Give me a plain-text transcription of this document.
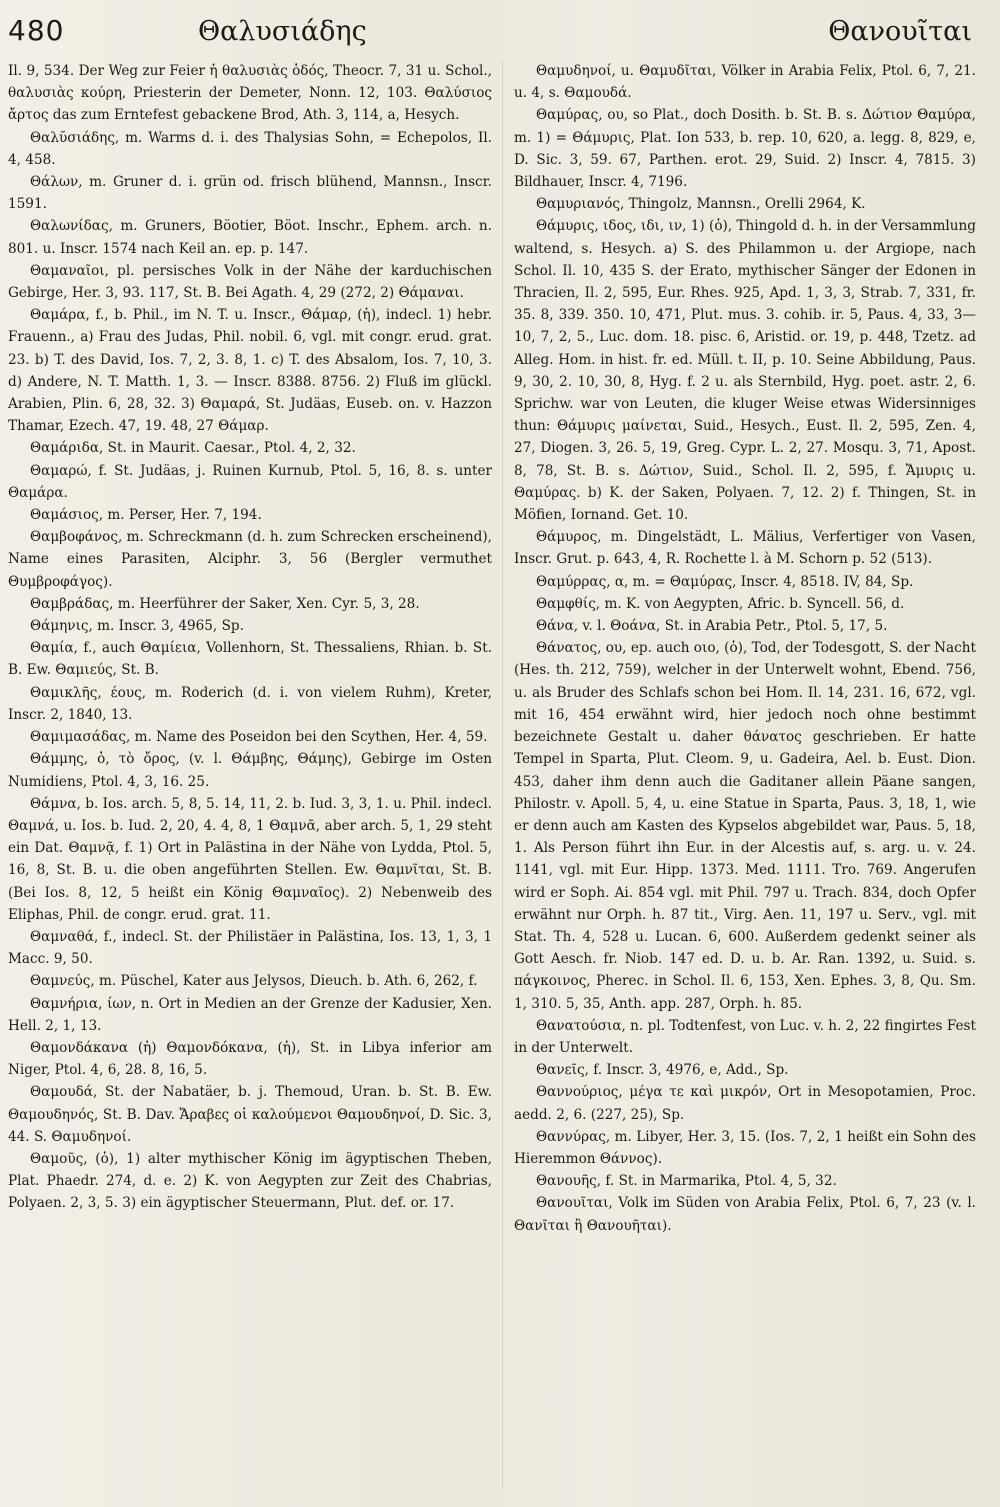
480	Θαλυσιάδης	Θανουῖται

Il. 9, 534. Der Weg zur Feier ἡ θαλυσιὰς ὁδός, Theocr. 7, 31 u. Schol., θαλυσιὰς κούρη, Priesterin der Demeter, Nonn. 12, 103. Θαλύσιος ἄρτος das zum Erntefest gebackene Brod, Ath. 3, 114, a, Hesych.

Θαλῠσιάδης, m. Warms d. i. des Thalysias Sohn, = Echepolos, Il. 4, 458.

Θάλων, m. Gruner d. i. grün od. frisch blühend, Mannsn., Inscr. 1591.

Θαλωνίδας, m. Gruners, Böotier, Böot. Inschr., Ephem. arch. n. 801. u. Inscr. 1574 nach Keil an. ep. p. 147.

Θαμαναῖοι, pl. persisches Volk in der Nähe der karduchischen Gebirge, Her. 3, 93. 117, St. B. Bei Agath. 4, 29 (272, 2) Θάμαναι.

Θαμάρα, f., b. Phil., im N. T. u. Inscr., Θάμαρ, (ἡ), indecl. 1) hebr. Frauenn., a) Frau des Judas, Phil. nobil. 6, vgl. mit congr. erud. grat. 23. b) T. des David, Ios. 7, 2, 3. 8, 1. c) T. des Absalom, Ios. 7, 10, 3. d) Andere, N. T. Matth. 1, 3. — Inscr. 8388. 8756. 2) Fluß im glückl. Arabien, Plin. 6, 28, 32. 3) Θαμαρά, St. Judäas, Euseb. on. v. Hazzon Thamar, Ezech. 47, 19. 48, 27 Θάμαρ.

Θαμάριδα, St. in Maurit. Caesar., Ptol. 4, 2, 32.

Θαμαρώ, f. St. Judäas, j. Ruinen Kurnub, Ptol. 5, 16, 8. s. unter Θαμάρα.

Θαμάσιος, m. Perser, Her. 7, 194.

Θαμβοφάνος, m. Schreckmann (d. h. zum Schrecken erscheinend), Name eines Parasiten, Alciphr. 3, 56 (Bergler vermuthet Θυμβροφάγος).

Θαμβράδας, m. Heerführer der Saker, Xen. Cyr. 5, 3, 28.

Θάμηνις, m. Inscr. 3, 4965, Sp.

Θαμία, f., auch Θαμίεια, Vollenhorn, St. Thessaliens, Rhian. b. St. B. Ew. Θαμιεύς, St. B.

Θαμικλῆς, έους, m. Roderich (d. i. von vielem Ruhm), Kreter, Inscr. 2, 1840, 13.

Θαμιμασάδας, m. Name des Poseidon bei den Scythen, Her. 4, 59.

Θάμμης, ὁ, τὸ ὄρος, (v. l. Θάμβης, Θάμης), Gebirge im Osten Numidiens, Ptol. 4, 3, 16. 25.

Θάμνα, b. Ios. arch. 5, 8, 5. 14, 11, 2. b. Iud. 3, 3, 1. u. Phil. indecl. Θαμνά, u. Ios. b. Iud. 2, 20, 4. 4, 8, 1 Θαμνᾶ, aber arch. 5, 1, 29 steht ein Dat. Θαμνᾷ, f. 1) Ort in Palästina in der Nähe von Lydda, Ptol. 5, 16, 8, St. B. u. die oben angeführten Stellen. Ew. Θαμνῖται, St. B. (Bei Ios. 8, 12, 5 heißt ein König Θαμναῖος). 2) Nebenweib des Eliphas, Phil. de congr. erud. grat. 11.

Θαμναθά, f., indecl. St. der Philistäer in Palästina, Ios. 13, 1, 3, 1 Macc. 9, 50.

Θαμνεύς, m. Püschel, Kater aus Jelysos, Dieuch. b. Ath. 6, 262, f.

Θαμνήρια, ίων, n. Ort in Medien an der Grenze der Kadusier, Xen. Hell. 2, 1, 13.

Θαμονδάκανα (ἡ) Θαμονδόκανα, (ἡ), St. in Libya inferior am Niger, Ptol. 4, 6, 28. 8, 16, 5.

Θαμουδά, St. der Nabatäer, b. j. Themoud, Uran. b. St. B. Ew. Θαμουδηνός, St. B. Dav. Ἄραβες οἱ καλούμενοι Θαμουδηνοί, D. Sic. 3, 44. S. Θαμυδηνοί.

Θαμοῦς, (ὁ), 1) alter mythischer König im ägyptischen Theben, Plat. Phaedr. 274, d. e. 2) K. von Aegypten zur Zeit des Chabrias, Polyaen. 2, 3, 5. 3) ein ägyptischer Steuermann, Plut. def. or. 17.

Θαμυδηνοί, u. Θαμυδῖται, Völker in Arabia Felix, Ptol. 6, 7, 21. u. 4, s. Θαμουδά.

Θαμύρας, ου, so Plat., doch Dosith. b. St. B. s. Δώτιον Θαμύρα, m. 1) = Θάμυρις, Plat. Ion 533, b. rep. 10, 620, a. legg. 8, 829, e, D. Sic. 3, 59. 67, Parthen. erot. 29, Suid. 2) Inscr. 4, 7815. 3) Bildhauer, Inscr. 4, 7196.

Θαμυριανός, Thingolz, Mannsn., Orelli 2964, K.

Θάμυρις, ιδος, ιδι, ιν, 1) (ὁ), Thingold d. h. in der Versammlung waltend, s. Hesych. a) S. des Philammon u. der Argiope, nach Schol. Il. 10, 435 S. der Erato, mythischer Sänger der Edonen in Thracien, Il. 2, 595, Eur. Rhes. 925, Apd. 1, 3, 3, Strab. 7, 331, fr. 35. 8, 339. 350. 10, 471, Plut. mus. 3. cohib. ir. 5, Paus. 4, 33, 3—10, 7, 2, 5., Luc. dom. 18. pisc. 6, Aristid. or. 19, p. 448, Tzetz. ad Alleg. Hom. in hist. fr. ed. Müll. t. II, p. 10. Seine Abbildung, Paus. 9, 30, 2. 10, 30, 8, Hyg. f. 2 u. als Sternbild, Hyg. poet. astr. 2, 6. Sprichw. war von Leuten, die kluger Weise etwas Widersinniges thun: Θάμυρις μαίνεται, Suid., Hesych., Eust. Il. 2, 595, Zen. 4, 27, Diogen. 3, 26. 5, 19, Greg. Cypr. L. 2, 27. Mosqu. 3, 71, Apost. 8, 78, St. B. s. Δώτιον, Suid., Schol. Il. 2, 595, f. Ἄμυρις u. Θαμύρας. b) K. der Saken, Polyaen. 7, 12. 2) f. Thingen, St. in Möfien, Iornand. Get. 10.

Θάμυρος, m. Dingelstädt, L. Mälius, Verfertiger von Vasen, Inscr. Grut. p. 643, 4, R. Rochette l. à M. Schorn p. 52 (513).

Θαμύρρας, α, m. = Θαμύρας, Inscr. 4, 8518. IV, 84, Sp.

Θαμφθίς, m. K. von Aegypten, Afric. b. Syncell. 56, d.

Θάνα, v. l. Θοάνα, St. in Arabia Petr., Ptol. 5, 17, 5.

Θάνατος, ου, ep. auch οιο, (ὁ), Tod, der Todesgott, S. der Nacht (Hes. th. 212, 759), welcher in der Unterwelt wohnt, Ebend. 756, u. als Bruder des Schlafs schon bei Hom. Il. 14, 231. 16, 672, vgl. mit 16, 454 erwähnt wird, hier jedoch noch ohne bestimmt bezeichnete Gestalt u. daher θάνατος geschrieben. Er hatte Tempel in Sparta, Plut. Cleom. 9, u. Gadeira, Ael. b. Eust. Dion. 453, daher ihm denn auch die Gaditaner allein Päane sangen, Philostr. v. Apoll. 5, 4, u. eine Statue in Sparta, Paus. 3, 18, 1, wie er denn auch am Kasten des Kypselos abgebildet war, Paus. 5, 18, 1. Als Person führt ihn Eur. in der Alcestis auf, s. arg. u. v. 24. 1141, vgl. mit Eur. Hipp. 1373. Med. 1111. Tro. 769. Angerufen wird er Soph. Ai. 854 vgl. mit Phil. 797 u. Trach. 834, doch Opfer erwähnt nur Orph. h. 87 tit., Virg. Aen. 11, 197 u. Serv., vgl. mit Stat. Th. 4, 528 u. Lucan. 6, 600. Außerdem gedenkt seiner als Gott Aesch. fr. Niob. 147 ed. D. u. b. Ar. Ran. 1392, u. Suid. s. πάγκοινος, Pherec. in Schol. Il. 6, 153, Xen. Ephes. 3, 8, Qu. Sm. 1, 310. 5, 35, Anth. app. 287, Orph. h. 85.

Θανατούσια, n. pl. Todtenfest, von Luc. v. h. 2, 22 fingirtes Fest in der Unterwelt.

Θανεῖς, f. Inscr. 3, 4976, e, Add., Sp.

Θαννούριος, μέγα τε καὶ μικρόν, Ort in Mesopotamien, Proc. aedd. 2, 6. (227, 25), Sp.

Θαννύρας, m. Libyer, Her. 3, 15. (Ios. 7, 2, 1 heißt ein Sohn des Hieremmon Θάννος).

Θανουῆς, f. St. in Marmarika, Ptol. 4, 5, 32.

Θανουῖται, Volk im Süden von Arabia Felix, Ptol. 6, 7, 23 (v. l. Θανῖται ἢ Θανουῆται).
